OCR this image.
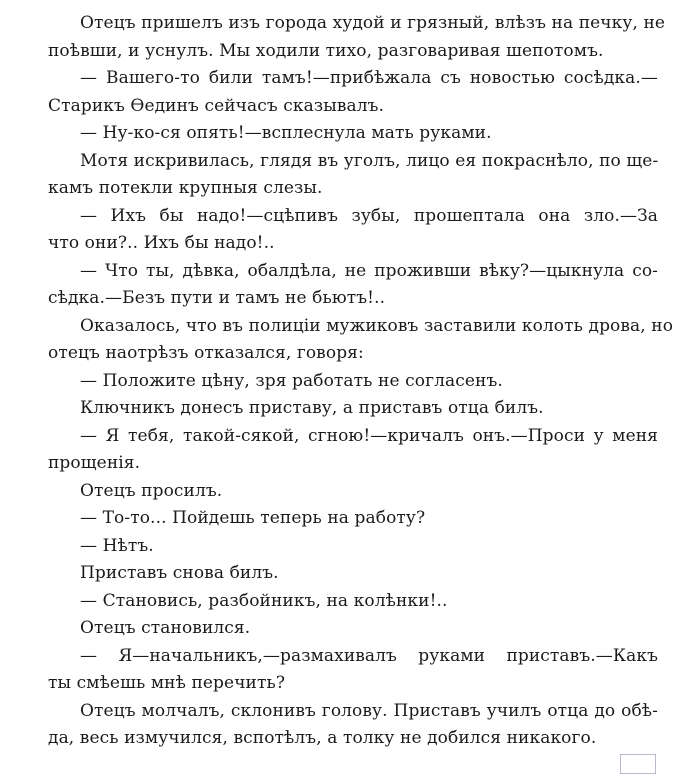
Отецъ пришелъ изъ города худой и грязный, влѣзъ на печку, не
поѣвши, и уснулъ. Мы ходили тихо, разговаривая шепотомъ.
— Вашего-то били тамъ!—прибѣжала съ новостью сосѣдка.—
Старикъ Ѳединъ сейчасъ сказывалъ.
— Ну-ко-ся опять!—всплеснула мать руками.
Мотя искривилась, глядя въ уголъ, лицо ея покраснѣло, по ще-
камъ потекли крупныя слезы.
— Ихъ бы надо!—сцѣпивъ зубы, прошептала она зло.—За
что они?.. Ихъ бы надо!..
— Что ты, дѣвка, обалдѣла, не проживши вѣку?—цыкнула со-
сѣдка.—Безъ пути и тамъ не бьютъ!..
Оказалось, что въ полиціи мужиковъ заставили колоть дрова, но
отецъ наотрѣзъ отказался, говоря:
— Положите цѣну, зря работать не согласенъ.
Ключникъ донесъ приставу, а приставъ отца билъ.
— Я тебя, такой-сякой, сгною!—кричалъ онъ.—Проси у меня
прощенія.
Отецъ просилъ.
— То-то... Пойдешь теперь на работу?
— Нѣтъ.
Приставъ снова билъ.
— Становись, разбойникъ, на колѣнки!..
Отецъ становился.
— Я—начальникъ,—размахивалъ руками приставъ.—Какъ
ты смѣешь мнѣ перечить?
Отецъ молчалъ, склонивъ голову. Приставъ училъ отца до обѣ-
да, весь измучился, вспотѣлъ, а толку не добился никакого.
